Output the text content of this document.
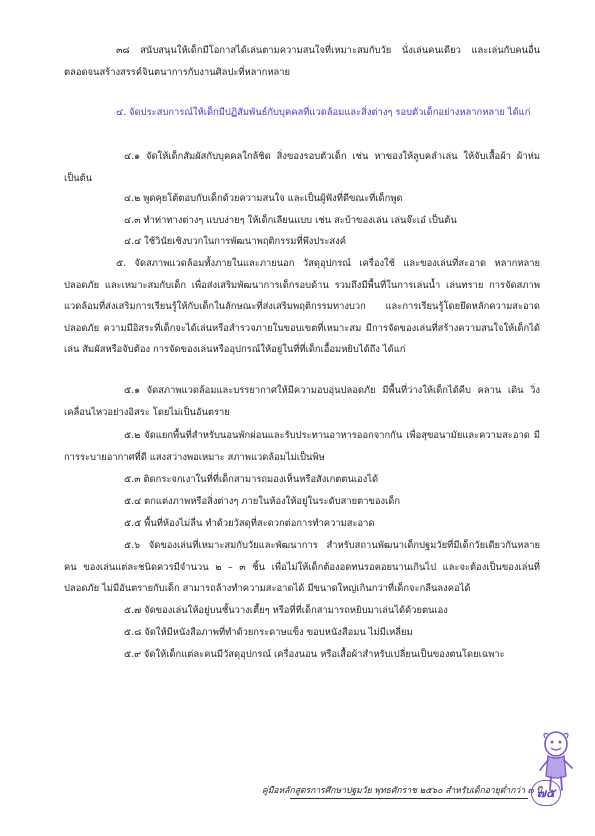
๓๘ สนับสนุนให้เด็กมีโอกาสได้เล่นตามความสนใจที่เหมาะสมกับวัย นั่งเล่นคนเดียว และเล่นกับคนอื่น ตลอดจนสร้างสรรค์จินตนาการกับงานศิลปะที่หลากหลาย
๔. จัดประสบการณ์ให้เด็กมีปฏิสัมพันธ์กับบุคคลที่แวดล้อมและสิ่งต่างๆ รอบตัวเด็กอย่างหลากหลาย ได้แก่
๔.๑ จัดให้เด็กสัมผัสกับบุคคลใกล้ชิด สิ่งของรอบตัวเด็ก เช่น หาของให้ลูบคลำเล่น ให้จับเสื้อผ้า ผ้าห่ม เป็นต้น
๔.๒ พูดคุยโต้ตอบกับเด็กด้วยความสนใจ และเป็นผู้ฟังที่ดีขณะที่เด็กพูด
๔.๓ ทำท่าทางต่างๆ แบบง่ายๆ ให้เด็กเลียนแบบ เช่น สะบ้าของเล่น เล่นจ๊ะเอ๋ เป็นต้น
๔.๔ ใช้วินัยเชิงบวกในการพัฒนาพฤติกรรมที่พึงประสงค์
๕. จัดสภาพแวดล้อมทั้งภายในและภายนอก วัสดุอุปกรณ์ เครื่องใช้ และของเล่นที่สะอาด หลากหลาย ปลอดภัย และเหมาะสมกับเด็ก เพื่อส่งเสริมพัฒนาการเด็กรอบด้าน รวมถึงมีพื้นที่ในการเล่นน้ำ เล่นทราย การจัดสภาพแวดล้อมที่ส่งเสริมการเรียนรู้ให้กับเด็กในลักษณะที่ส่งเสริมพฤติกรรมทางบวก และการเรียนรู้โดยยึดหลักความสะอาด ปลอดภัย ความมีอิสระที่เด็กจะได้เล่นหรือสำรวจภายในขอบเขตที่เหมาะสม มีการจัดของเล่นที่สร้างความสนใจให้เด็กได้เล่น สัมผัสหรือจับต้อง การจัดของเล่นหรืออุปกรณ์ให้อยู่ในที่ที่เด็กเอื้อมหยิบได้ถึง ได้แก่
๕.๑ จัดสภาพแวดล้อมและบรรยากาศให้มีความอบอุ่นปลอดภัย มีพื้นที่ว่างให้เด็กได้คืบ คลาน เดิน วิ่ง เคลื่อนไหวอย่างอิสระ โดยไม่เป็นอันตราย
๕.๒ จัดแยกพื้นที่สำหรับนอนพักผ่อนและรับประทานอาหารออกจากกัน เพื่อสุขอนามัยและความสะอาด มีการระบายอากาศที่ดี แสงสว่างพอเหมาะ สภาพแวดล้อมไม่เป็นพิษ
๕.๓ ติดกระจกเงาในที่ที่เด็กสามารถมองเห็นหรือสังเกตตนเองได้
๕.๔ ตกแต่งภาพหรือสิ่งต่างๆ ภายในห้องให้อยู่ในระดับสายตาของเด็ก
๕.๕ พื้นที่ห้องไม่ลื่น ทำด้วยวัสดุที่สะดวกต่อการทำความสะอาด
๕.๖ จัดของเล่นที่เหมาะสมกับวัยและพัฒนาการ สำหรับสถานพัฒนาเด็กปฐมวัยที่มีเด็กวัยเดียวกันหลายคน ของเล่นแต่ละชนิดควรมีจำนวน ๒ – ๓ ชิ้น เพื่อไม่ให้เด็กต้องอดทนรอคอยนานเกินไป และจะต้องเป็นของเล่นที่ปลอดภัย ไม่มีอันตรายกับเด็ก สามารถล้างทำความสะอาดได้ มีขนาดใหญ่เกินกว่าที่เด็กจะกลืนลงคอได้
๕.๗ จัดของเล่นให้อยู่บนชั้นวางเตี้ยๆ หรือที่ที่เด็กสามารถหยิบมาเล่นได้ด้วยตนเอง
๕.๘ จัดให้มีหนังสือภาพที่ทำด้วยกระดาษแข็ง ขอบหนังสือมน ไม่มีเหลี่ยม
๕.๙ จัดให้เด็กแต่ละคนมีวัสดุอุปกรณ์ เครื่องนอน หรือเสื้อผ้าสำหรับเปลี่ยนเป็นของตนโดยเฉพาะ
คู่มือหลักสูตรการศึกษาปฐมวัย พุทธศักราช ๒๕๖๐ สำหรับเด็กอายุต่ำกว่า ๓ ปี
๗๕
